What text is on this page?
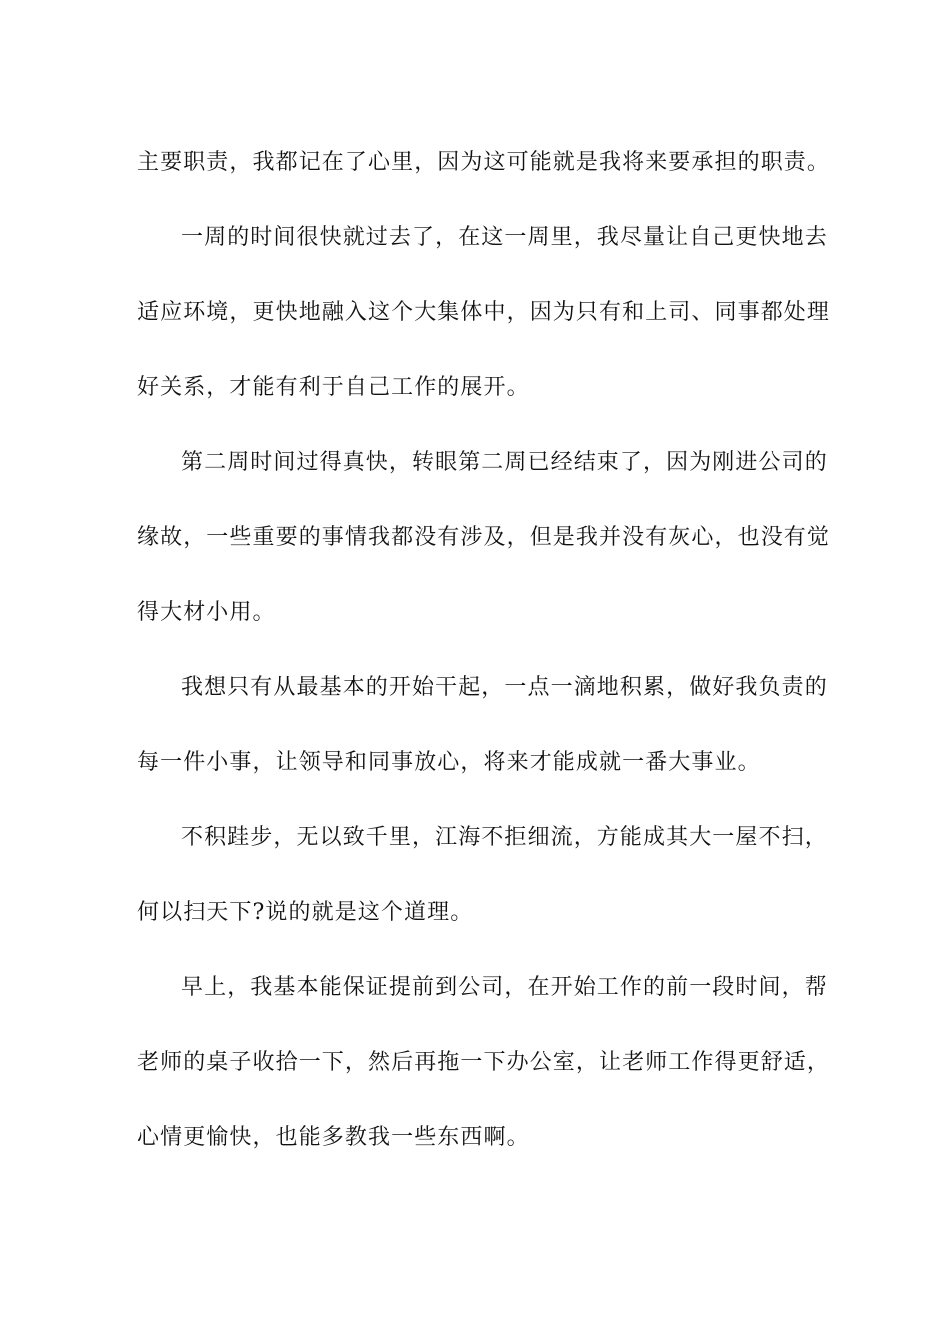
主要职责，我都记在了心里，因为这可能就是我将来要承担的职责。
一周的时间很快就过去了，在这一周里，我尽量让自己更快地去
适应环境，更快地融入这个大集体中，因为只有和上司、同事都处理
好关系，才能有利于自己工作的展开。
第二周时间过得真快，转眼第二周已经结束了，因为刚进公司的
缘故，一些重要的事情我都没有涉及，但是我并没有灰心，也没有觉
得大材小用。
我想只有从最基本的开始干起，一点一滴地积累，做好我负责的
每一件小事，让领导和同事放心，将来才能成就一番大事业。
不积跬步，无以致千里，江海不拒细流，方能成其大一屋不扫，
何以扫天下?说的就是这个道理。
早上，我基本能保证提前到公司，在开始工作的前一段时间，帮
老师的桌子收拾一下，然后再拖一下办公室，让老师工作得更舒适，
心情更愉快，也能多教我一些东西啊。
